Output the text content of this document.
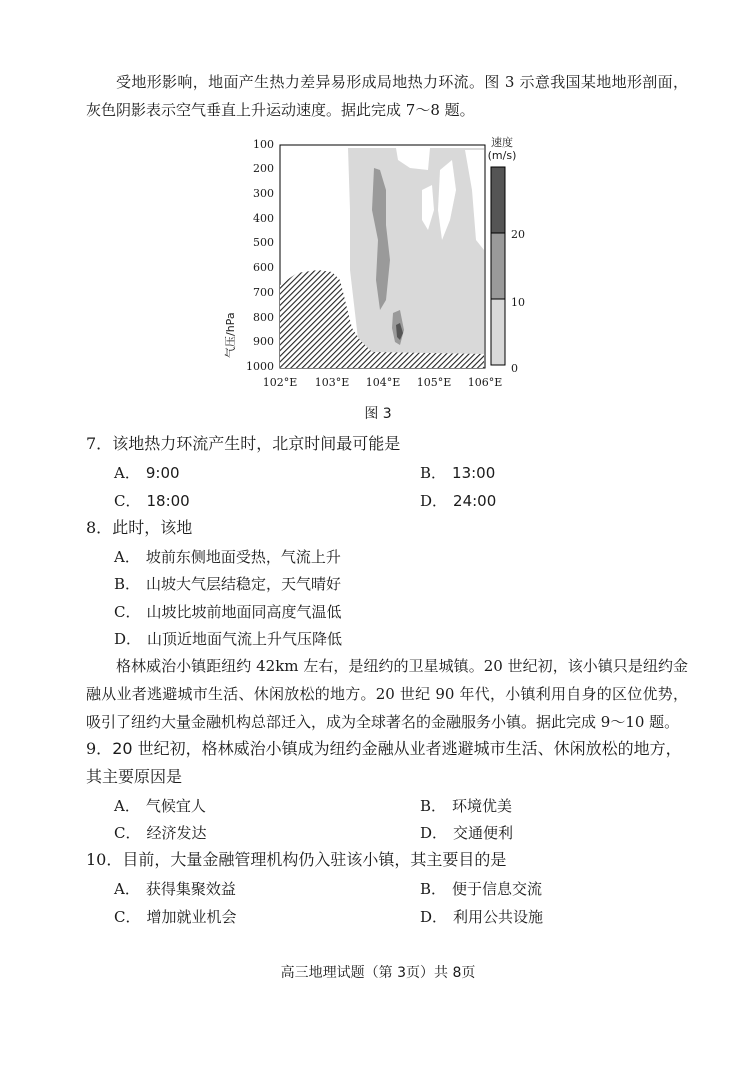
受地形影响，地面产生热力差异易形成局地热力环流。图 3 示意我国某地地形剖面，灰色阴影表示空气垂直上升运动速度。据此完成 7～8 题。

速度
(m/s)
20
10
0
100
200
300
400
500
600
700
800
900
1000
气压/hPa
102°E 103°E 104°E 105°E 106°E
图 3

7．该地热力环流产生时，北京时间最可能是

A． 9:00	B． 13:00
C． 18:00	D． 24:00

8．此时，该地

A． 坡前东侧地面受热，气流上升
B． 山坡大气层结稳定，天气晴好
C． 山坡比坡前地面同高度气温低
D． 山顶近地面气流上升气压降低

格林威治小镇距纽约 42km 左右，是纽约的卫星城镇。20 世纪初，该小镇只是纽约金融从业者逃避城市生活、休闲放松的地方。20 世纪 90 年代，小镇利用自身的区位优势，吸引了纽约大量金融机构总部迁入，成为全球著名的金融服务小镇。据此完成 9～10 题。

9．20 世纪初，格林威治小镇成为纽约金融从业者逃避城市生活、休闲放松的地方，其主要原因是

A． 气候宜人	B． 环境优美
C． 经济发达	D． 交通便利

10．目前，大量金融管理机构仍入驻该小镇，其主要目的是

A． 获得集聚效益	B． 便于信息交流
C． 增加就业机会	D． 利用公共设施
高三地理试题（第 3页）共 8页
